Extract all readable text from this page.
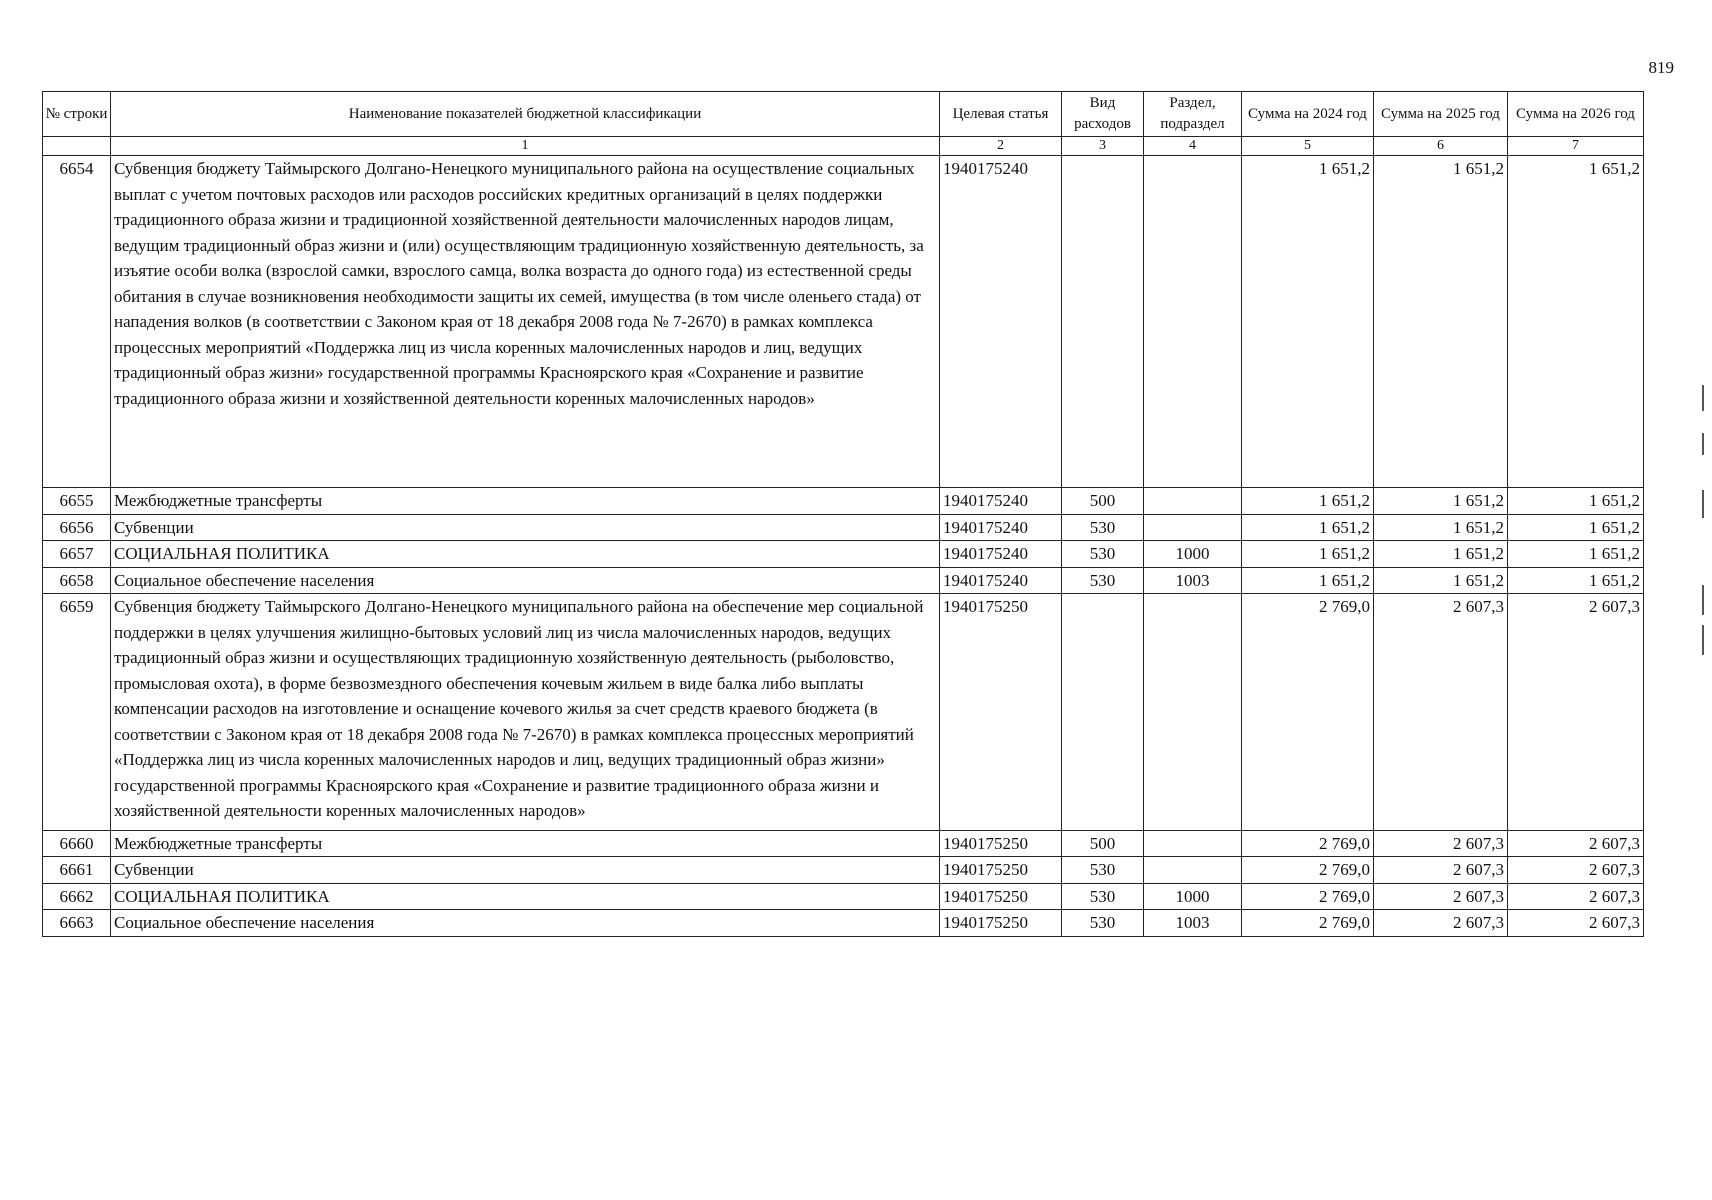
819
№ строки	Наименование показателей бюджетной классификации	Целевая статья	Вид расходов	Раздел, подраздел	Сумма на 2024 год	Сумма на 2025 год	Сумма на 2026 год
	1	2	3	4	5	6	7
6654	Субвенция бюджету Таймырского Долгано-Ненецкого муниципального района на осуществление социальных выплат с учетом почтовых расходов или расходов российских кредитных организаций в целях поддержки традиционного образа жизни и традиционной хозяйственной деятельности малочисленных народов лицам, ведущим традиционный образ жизни и (или) осуществляющим традиционную хозяйственную деятельность, за изъятие особи волка (взрослой самки, взрослого самца, волка возраста до одного года) из естественной среды обитания в случае возникновения необходимости защиты их семей, имущества (в том числе оленьего стада) от нападения волков (в соответствии с Законом края от 18 декабря 2008 года № 7-2670) в рамках комплекса процессных мероприятий «Поддержка лиц из числа коренных малочисленных народов и лиц, ведущих традиционный образ жизни» государственной программы Красноярского края «Сохранение и развитие традиционного образа жизни и хозяйственной деятельности коренных малочисленных народов»	1940175240			1 651,2	1 651,2	1 651,2
6655	Межбюджетные трансферты	1940175240	500		1 651,2	1 651,2	1 651,2
6656	Субвенции	1940175240	530		1 651,2	1 651,2	1 651,2
6657	СОЦИАЛЬНАЯ ПОЛИТИКА	1940175240	530	1000	1 651,2	1 651,2	1 651,2
6658	Социальное обеспечение населения	1940175240	530	1003	1 651,2	1 651,2	1 651,2
6659	Субвенция бюджету Таймырского Долгано-Ненецкого муниципального района на обеспечение мер социальной поддержки в целях улучшения жилищно-бытовых условий лиц из числа малочисленных народов, ведущих традиционный образ жизни и осуществляющих традиционную хозяйственную деятельность (рыболовство, промысловая охота), в форме безвозмездного обеспечения кочевым жильем в виде балка либо выплаты компенсации расходов на изготовление и оснащение кочевого жилья за счет средств краевого бюджета (в соответствии с Законом края от 18 декабря 2008 года № 7-2670) в рамках комплекса процессных мероприятий «Поддержка лиц из числа коренных малочисленных народов и лиц, ведущих традиционный образ жизни» государственной программы Красноярского края «Сохранение и развитие традиционного образа жизни и хозяйственной деятельности коренных малочисленных народов»	1940175250			2 769,0	2 607,3	2 607,3
6660	Межбюджетные трансферты	1940175250	500		2 769,0	2 607,3	2 607,3
6661	Субвенции	1940175250	530		2 769,0	2 607,3	2 607,3
6662	СОЦИАЛЬНАЯ ПОЛИТИКА	1940175250	530	1000	2 769,0	2 607,3	2 607,3
6663	Социальное обеспечение населения	1940175250	530	1003	2 769,0	2 607,3	2 607,3
